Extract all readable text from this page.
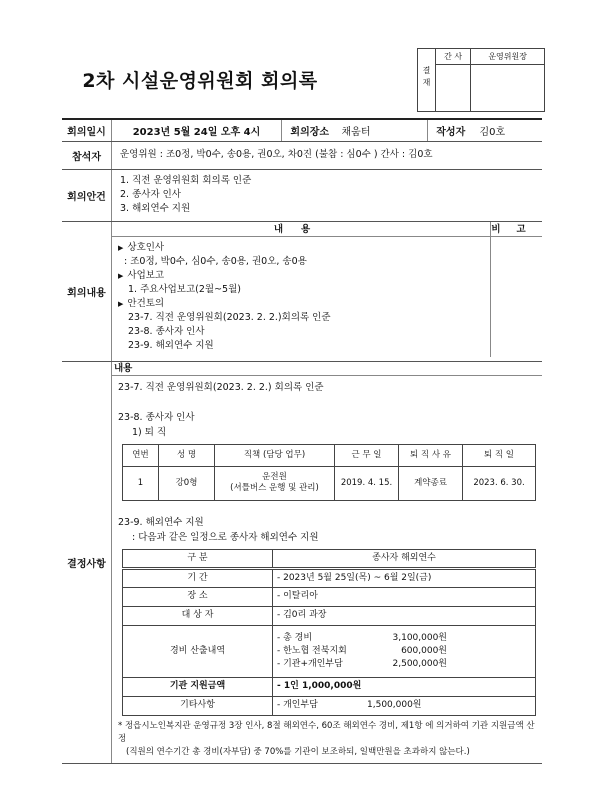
2차 시설운영위원회 회의록	결재	간 사	운영위원장

회의일시	2023년 5월 24일 오후 4시	회의장소	채움터	작성자	김0호
참석자	운영위원 : 조0정, 박0수, 송0용, 권0오, 차0진 (불참 : 심0수 ) 간사 : 김0호
회의안건	
1. 직전 운영위원회 회의록 인준
2. 종사자 인사
3. 해외연수 지원

회의내용	
내용	비고
▶ 상호인사
: 조0정, 박0수, 심0수, 송0용, 권0오, 송0용
▶ 사업보고
1. 주요사업보고(2월~5월)
▶ 안건토의
23-7. 직전 운영위원회(2023. 2. 2.)회의록 인준
23-8. 종사자 인사
23-9. 해외연수 지원

결정사항	
내용
23-7. 직전 운영위원회(2023. 2. 2.) 회의록 인준
23-8. 종사자 인사
1) 퇴 직
연번	성 명	직책 (담당 업무)	근 무 일	퇴 직 사 유	퇴 직 일
1	강0형	운전원
(셔틀버스 운행 및 관리)	2019. 4. 15.	계약종료	2023. 6. 30.
23-9. 해외연수 지원
: 다음과 같은 일정으로 종사자 해외연수 지원
구 분	종사자 해외연수
기 간	- 2023년 5월 25일(목) ~ 6월 2일(금)
장 소	- 이탈리아
대 상 자	- 김0리 과장
경비 산출내역	
- 총 경비	3,100,000원
- 한노협 전북지회	600,000원
- 기관+개인부담	2,500,000원

기관 지원금액	- 1인 1,000,000원
기타사항	- 개인부담	1,500,000원
* 정읍시노인복지관 운영규정 3장 인사, 8절 해외연수, 60조 해외연수 경비, 제1항 에 의거하여 기관 지원금액 산정
(직원의 연수기간 총 경비(자부담) 중 70%를 기관이 보조하되, 일백만원을 초과하지 않는다.)
